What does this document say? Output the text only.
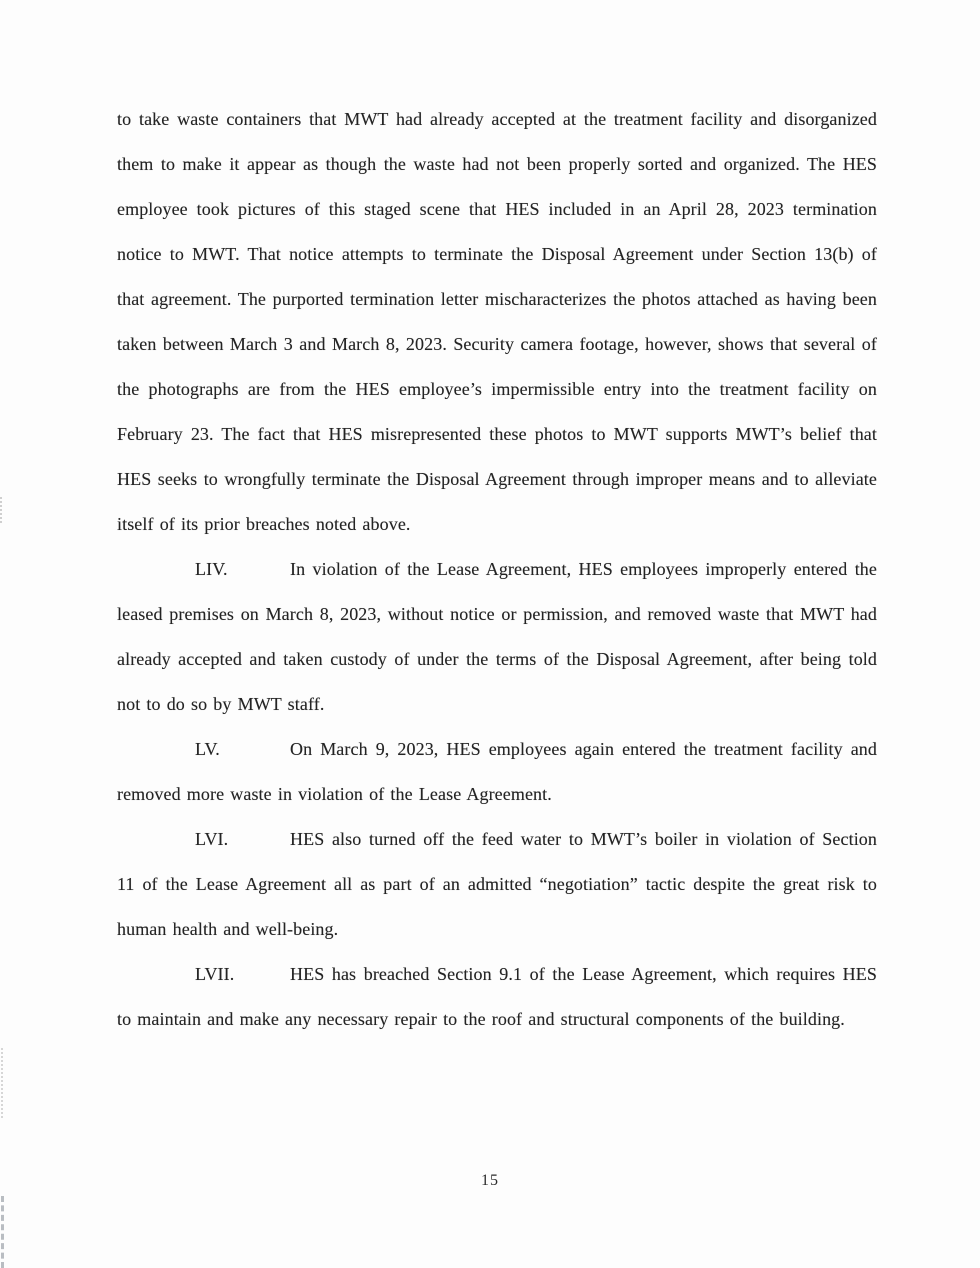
to take waste containers that MWT had already accepted at the treatment facility and disorganized them to make it appear as though the waste had not been properly sorted and organized. The HES employee took pictures of this staged scene that HES included in an April 28, 2023 termination notice to MWT. That notice attempts to terminate the Disposal Agreement under Section 13(b) of that agreement. The purported termination letter mischaracterizes the photos attached as having been taken between March 3 and March 8, 2023. Security camera footage, however, shows that several of the photographs are from the HES employee’s impermissible entry into the treatment facility on February 23. The fact that HES misrepresented these photos to MWT supports MWT’s belief that HES seeks to wrongfully terminate the Disposal Agreement through improper means and to alleviate itself of its prior breaches noted above.

LIV.	In violation of the Lease Agreement, HES employees improperly entered the leased premises on March 8, 2023, without notice or permission, and removed waste that MWT had already accepted and taken custody of under the terms of the Disposal Agreement, after being told not to do so by MWT staff.

LV.	On March 9, 2023, HES employees again entered the treatment facility and removed more waste in violation of the Lease Agreement.

LVI.	HES also turned off the feed water to MWT’s boiler in violation of Section 11 of the Lease Agreement all as part of an admitted “negotiation” tactic despite the great risk to human health and well-being.

LVII.	HES has breached Section 9.1 of the Lease Agreement, which requires HES to maintain and make any necessary repair to the roof and structural components of the building.

15
